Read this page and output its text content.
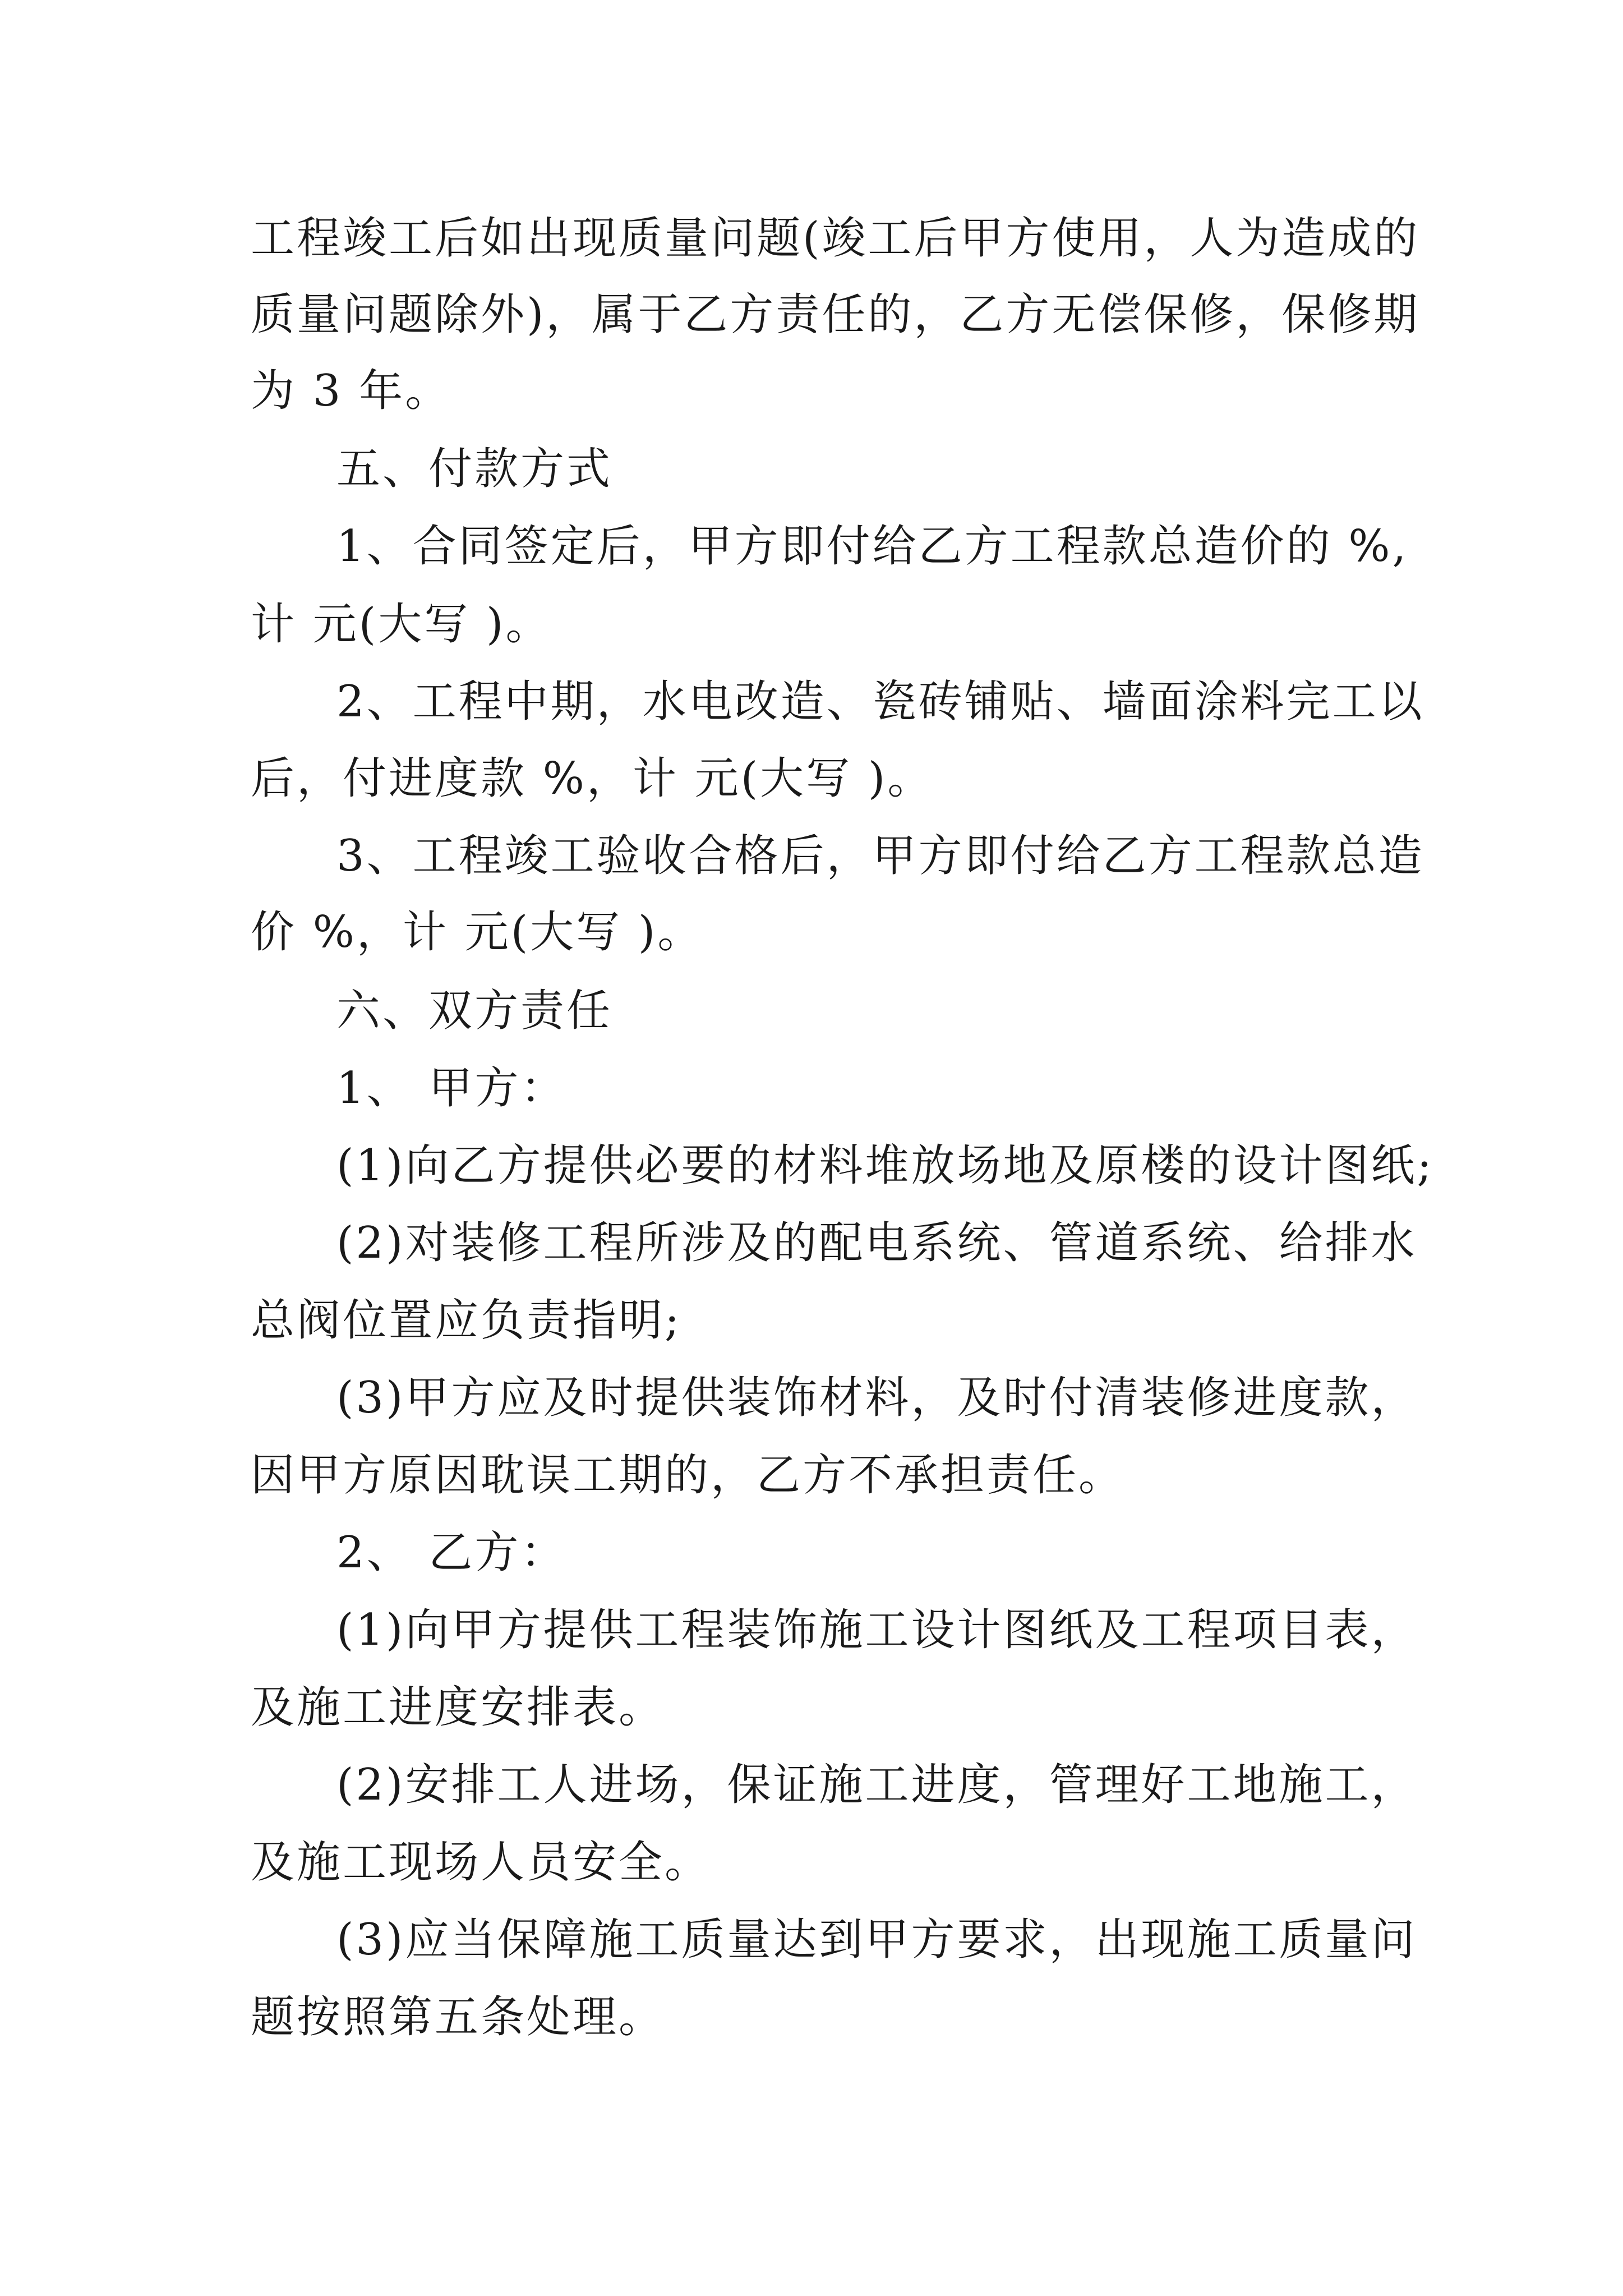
工程竣工后如出现质量问题(竣工后甲方使用，人为造成的

质量问题除外)，属于乙方责任的，乙方无偿保修，保修期

为 3 年。

五、付款方式

1、合同签定后，甲方即付给乙方工程款总造价的 %,

计 元(大写 )。

2、工程中期，水电改造、瓷砖铺贴、墙面涂料完工以

后，付进度款 %，计 元(大写 )。

3、工程竣工验收合格后，甲方即付给乙方工程款总造

价 %，计 元(大写 )。

六、双方责任

1、 甲方：

(1)向乙方提供必要的材料堆放场地及原楼的设计图纸;

(2)对装修工程所涉及的配电系统、管道系统、给排水

总阀位置应负责指明;

(3)甲方应及时提供装饰材料，及时付清装修进度款，

因甲方原因耽误工期的，乙方不承担责任。

2、 乙方：

(1)向甲方提供工程装饰施工设计图纸及工程项目表，

及施工进度安排表。

(2)安排工人进场，保证施工进度，管理好工地施工，

及施工现场人员安全。

(3)应当保障施工质量达到甲方要求，出现施工质量问

题按照第五条处理。
